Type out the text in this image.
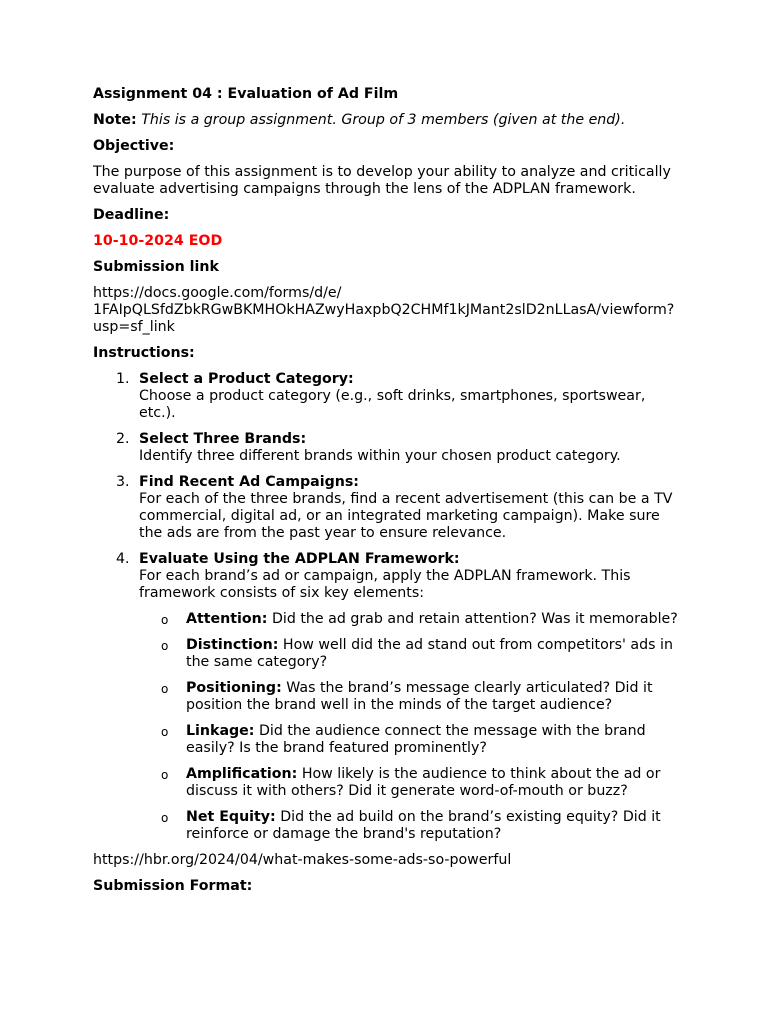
Assignment 04 : Evaluation of Ad Film

Note: This is a group assignment. Group of 3 members (given at the end).

Objective:

The purpose of this assignment is to develop your ability to analyze and critically evaluate advertising campaigns through the lens of the ADPLAN framework.

Deadline:

10-10-2024 EOD

Submission link

https://docs.google.com/forms/d/e/
1FAIpQLSfdZbkRGwBKMHOkHAZwyHaxpbQ2CHMf1kJMant2slD2nLLasA/viewform?
usp=sf_link

Instructions:

1. Select a Product Category:
Choose a product category (e.g., soft drinks, smartphones, sportswear, etc.).
2. Select Three Brands:
Identify three different brands within your chosen product category.
3. Find Recent Ad Campaigns:
For each of the three brands, find a recent advertisement (this can be a TV commercial, digital ad, or an integrated marketing campaign). Make sure the ads are from the past year to ensure relevance.
4. Evaluate Using the ADPLAN Framework:
For each brand’s ad or campaign, apply the ADPLAN framework. This framework consists of six key elements:
o Attention: Did the ad grab and retain attention? Was it memorable?
o Distinction: How well did the ad stand out from competitors' ads in the same category?
o Positioning: Was the brand’s message clearly articulated? Did it position the brand well in the minds of the target audience?
o Linkage: Did the audience connect the message with the brand easily? Is the brand featured prominently?
o Amplification: How likely is the audience to think about the ad or discuss it with others? Did it generate word-of-mouth or buzz?
o Net Equity: Did the ad build on the brand’s existing equity? Did it reinforce or damage the brand's reputation?

https://hbr.org/2024/04/what-makes-some-ads-so-powerful

Submission Format:
